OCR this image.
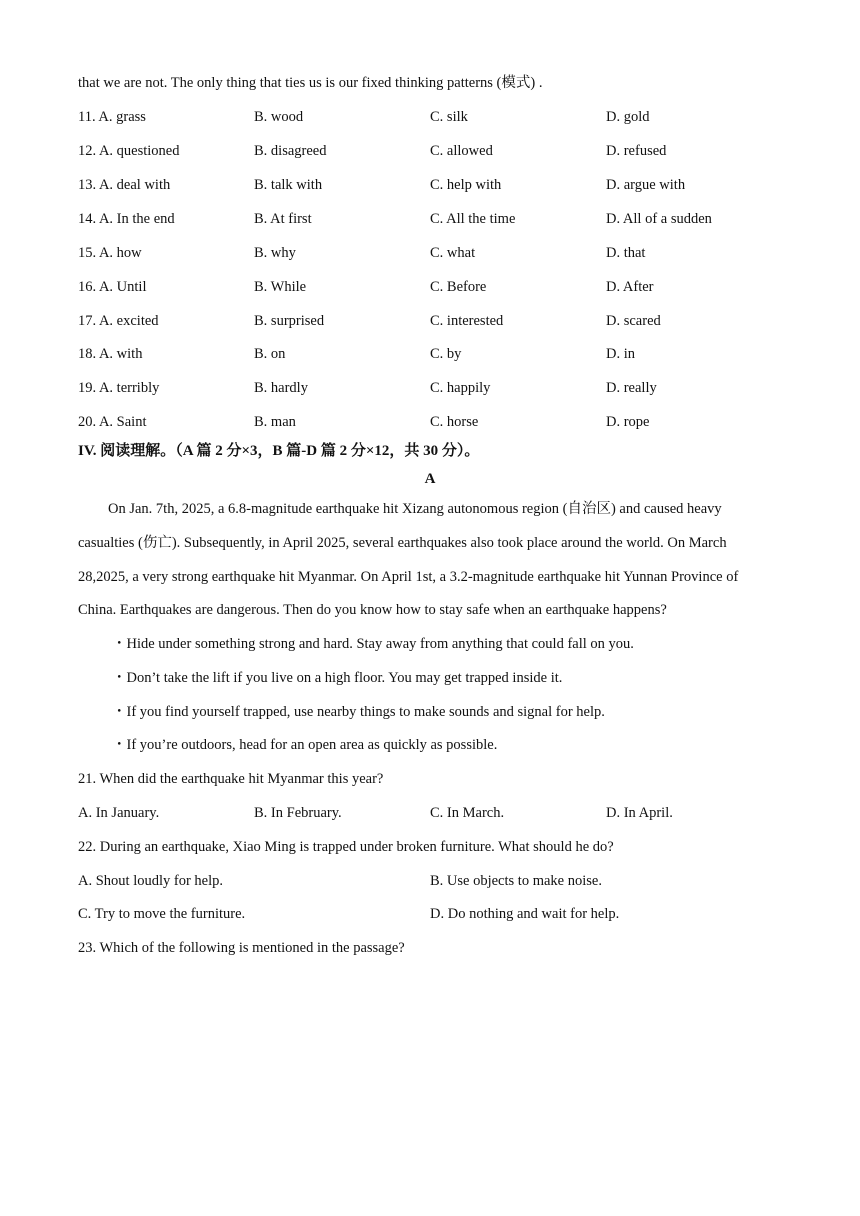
that we are not. The only thing that ties us is our fixed thinking patterns (模式) .
11. A. grass	B. wood	C. silk	D. gold
12. A. questioned	B. disagreed	C. allowed	D. refused
13. A. deal with	B. talk with	C. help with	D. argue with
14. A. In the end	B. At first	C. All the time	D. All of a sudden
15. A. how	B. why	C. what	D. that
16. A. Until	B. While	C. Before	D. After
17. A. excited	B. surprised	C. interested	D. scared
18. A. with	B. on	C. by	D. in
19. A. terribly	B. hardly	C. happily	D. really
20. A. Saint	B. man	C. horse	D. rope
IV. 阅读理解。（A 篇 2 分×3，B 篇-D 篇 2 分×12，共 30 分）。
A
On Jan. 7th, 2025, a 6.8-magnitude earthquake hit Xizang autonomous region (自治区) and caused heavy
casualties (伤亡). Subsequently, in April 2025, several earthquakes also took place around the world. On March
28,2025, a very strong earthquake hit Myanmar. On April 1st, a 3.2-magnitude earthquake hit Yunnan Province of
China. Earthquakes are dangerous. Then do you know how to stay safe when an earthquake happens?
・Hide under something strong and hard. Stay away from anything that could fall on you.
・Don’t take the lift if you live on a high floor. You may get trapped inside it.
・If you find yourself trapped, use nearby things to make sounds and signal for help.
・If you’re outdoors, head for an open area as quickly as possible.
21. When did the earthquake hit Myanmar this year?
A. In January.	B. In February.	C. In March.	D. In April.
22. During an earthquake, Xiao Ming is trapped under broken furniture. What should he do?
A. Shout loudly for help.	B. Use objects to make noise.
C. Try to move the furniture.	D. Do nothing and wait for help.
23. Which of the following is mentioned in the passage?
